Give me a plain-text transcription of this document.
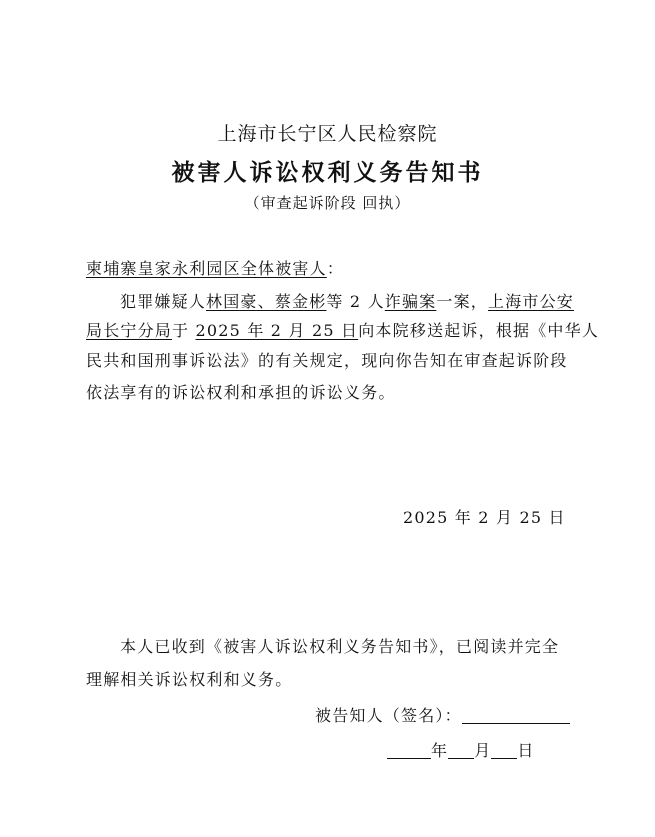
上海市长宁区人民检察院
被害人诉讼权利义务告知书
（审查起诉阶段 回执）
柬埔寨皇家永利园区全体被害人：
犯罪嫌疑人林国豪、蔡金彬等 2 人诈骗案一案，上海市公安
局长宁分局于 2025 年 2 月 25 日向本院移送起诉，根据《中华人
民共和国刑事诉讼法》的有关规定，现向你告知在审查起诉阶段
依法享有的诉讼权利和承担的诉讼义务。
2025 年 2 月 25 日
本人已收到《被害人诉讼权利义务告知书》，已阅读并完全
理解相关诉讼权利和义务。
被告知人（签名）：
年 月 日
